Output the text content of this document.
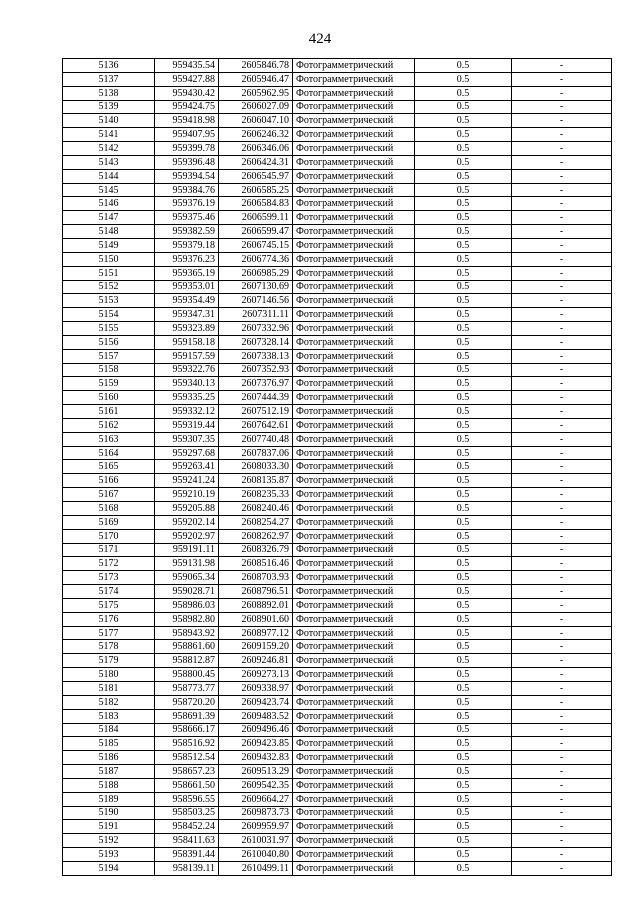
424
5136	959435.54	2605846.78	Фотограмметрический	0.5	-
5137	959427.88	2605946.47	Фотограмметрический	0.5	-
5138	959430.42	2605962.95	Фотограмметрический	0.5	-
5139	959424.75	2606027.09	Фотограмметрический	0.5	-
5140	959418.98	2606047.10	Фотограмметрический	0.5	-
5141	959407.95	2606246.32	Фотограмметрический	0.5	-
5142	959399.78	2606346.06	Фотограмметрический	0.5	-
5143	959396.48	2606424.31	Фотограмметрический	0.5	-
5144	959394.54	2606545.97	Фотограмметрический	0.5	-
5145	959384.76	2606585.25	Фотограмметрический	0.5	-
5146	959376.19	2606584.83	Фотограмметрический	0.5	-
5147	959375.46	2606599.11	Фотограмметрический	0.5	-
5148	959382.59	2606599.47	Фотограмметрический	0.5	-
5149	959379.18	2606745.15	Фотограмметрический	0.5	-
5150	959376.23	2606774.36	Фотограмметрический	0.5	-
5151	959365.19	2606985.29	Фотограмметрический	0.5	-
5152	959353.01	2607130.69	Фотограмметрический	0.5	-
5153	959354.49	2607146.56	Фотограмметрический	0.5	-
5154	959347.31	2607311.11	Фотограмметрический	0.5	-
5155	959323.89	2607332.96	Фотограмметрический	0.5	-
5156	959158.18	2607328.14	Фотограмметрический	0.5	-
5157	959157.59	2607338.13	Фотограмметрический	0.5	-
5158	959322.76	2607352.93	Фотограмметрический	0.5	-
5159	959340.13	2607376.97	Фотограмметрический	0.5	-
5160	959335.25	2607444.39	Фотограмметрический	0.5	-
5161	959332.12	2607512.19	Фотограмметрический	0.5	-
5162	959319.44	2607642.61	Фотограмметрический	0.5	-
5163	959307.35	2607740.48	Фотограмметрический	0.5	-
5164	959297.68	2607837.06	Фотограмметрический	0.5	-
5165	959263.41	2608033.30	Фотограмметрический	0.5	-
5166	959241.24	2608135.87	Фотограмметрический	0.5	-
5167	959210.19	2608235.33	Фотограмметрический	0.5	-
5168	959205.88	2608240.46	Фотограмметрический	0.5	-
5169	959202.14	2608254.27	Фотограмметрический	0.5	-
5170	959202.97	2608262.97	Фотограмметрический	0.5	-
5171	959191.11	2608326.79	Фотограмметрический	0.5	-
5172	959131.98	2608516.46	Фотограмметрический	0.5	-
5173	959065.34	2608703.93	Фотограмметрический	0.5	-
5174	959028.71	2608796.51	Фотограмметрический	0.5	-
5175	958986.03	2608892.01	Фотограмметрический	0.5	-
5176	958982.80	2608901.60	Фотограмметрический	0.5	-
5177	958943.92	2608977.12	Фотограмметрический	0.5	-
5178	958861.60	2609159.20	Фотограмметрический	0.5	-
5179	958812.87	2609246.81	Фотограмметрический	0.5	-
5180	958800.45	2609273.13	Фотограмметрический	0.5	-
5181	958773.77	2609338.97	Фотограмметрический	0.5	-
5182	958720.20	2609423.74	Фотограмметрический	0.5	-
5183	958691.39	2609483.52	Фотограмметрический	0.5	-
5184	958666.17	2609496.46	Фотограмметрический	0.5	-
5185	958516.92	2609423.85	Фотограмметрический	0.5	-
5186	958512.54	2609432.83	Фотограмметрический	0.5	-
5187	958657.23	2609513.29	Фотограмметрический	0.5	-
5188	958661.50	2609542.35	Фотограмметрический	0.5	-
5189	958596.55	2609664.27	Фотограмметрический	0.5	-
5190	958503.25	2609873.73	Фотограмметрический	0.5	-
5191	958452.24	2609959.97	Фотограмметрический	0.5	-
5192	958411.63	2610031.97	Фотограмметрический	0.5	-
5193	958391.44	2610040.80	Фотограмметрический	0.5	-
5194	958139.11	2610499.11	Фотограмметрический	0.5	-
